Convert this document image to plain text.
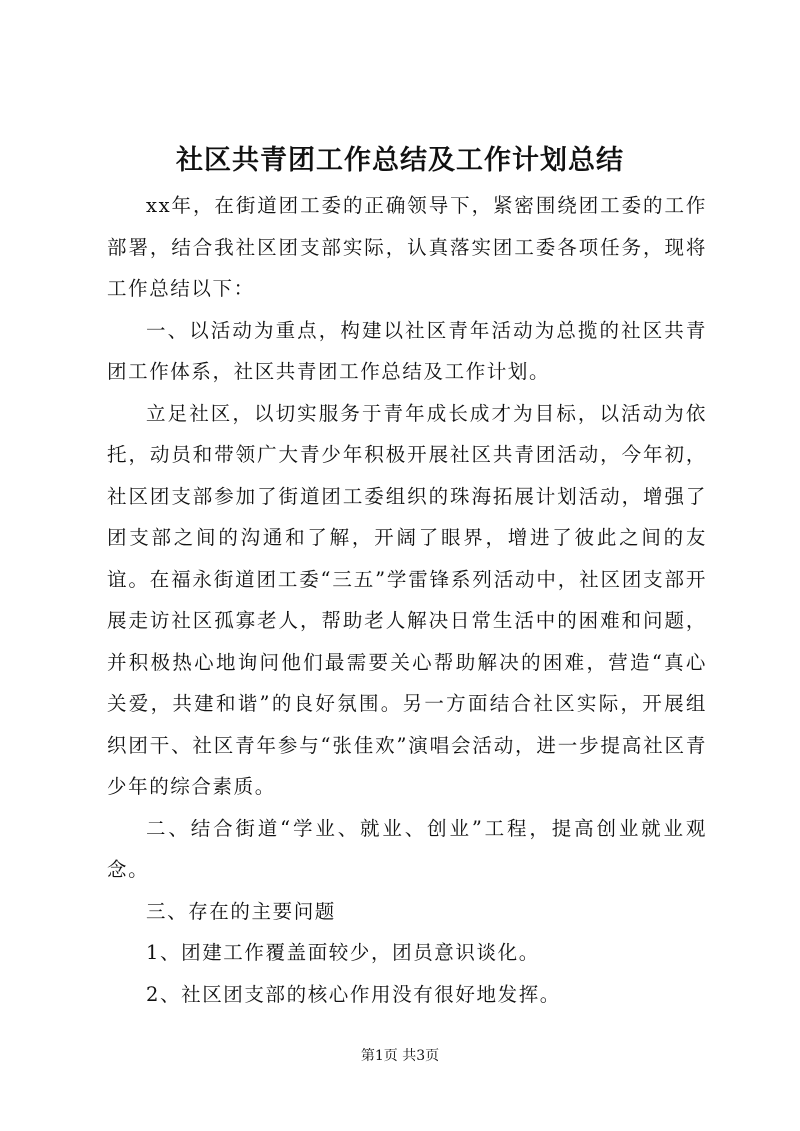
社区共青团工作总结及工作计划总结

xx年，在街道团工委的正确领导下，紧密围绕团工委的工作部署，结合我社区团支部实际，认真落实团工委各项任务，现将工作总结以下：

一、以活动为重点，构建以社区青年活动为总揽的社区共青团工作体系，社区共青团工作总结及工作计划。

立足社区，以切实服务于青年成长成才为目标，以活动为依托，动员和带领广大青少年积极开展社区共青团活动，今年初，社区团支部参加了街道团工委组织的珠海拓展计划活动，增强了团支部之间的沟通和了解，开阔了眼界，增进了彼此之间的友谊。在福永街道团工委“三五”学雷锋系列活动中，社区团支部开展走访社区孤寡老人，帮助老人解决日常生活中的困难和问题，并积极热心地询问他们最需要关心帮助解决的困难，营造“真心关爱，共建和谐”的良好氛围。另一方面结合社区实际，开展组织团干、社区青年参与“张佳欢”演唱会活动，进一步提高社区青少年的综合素质。

二、结合街道“学业、就业、创业”工程，提高创业就业观念。

三、存在的主要问题

1、团建工作覆盖面较少，团员意识谈化。

2、社区团支部的核心作用没有很好地发挥。

第1页 共3页
